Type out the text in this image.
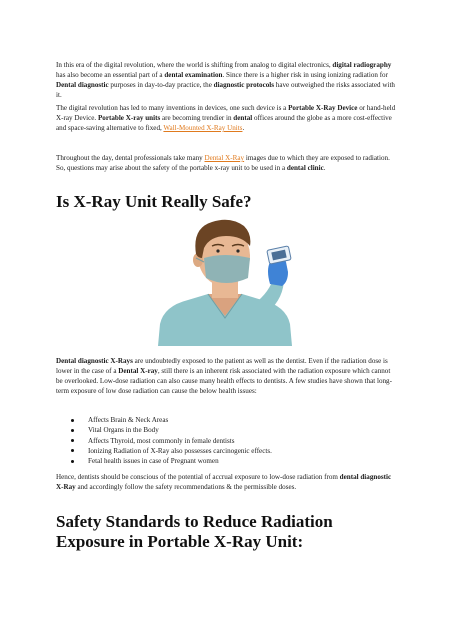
In this era of the digital revolution, where the world is shifting from analog to digital electronics, digital radiography has also become an essential part of a dental examination. Since there is a higher risk in using ionizing radiation for Dental diagnostic purposes in day-to-day practice, the diagnostic protocols have outweighed the risks associated with it.

The digital revolution has led to many inventions in devices, one such device is a Portable X-Ray Device or hand-held X-ray Device. Portable X-ray units are becoming trendier in dental offices around the globe as a more cost-effective and space-saving alternative to fixed, Wall-Mounted X-Ray Units.

Throughout the day, dental professionals take many Dental X-Ray images due to which they are exposed to radiation. So, questions may arise about the safety of the portable x-ray unit to be used in a dental clinic.

Is X-Ray Unit Really Safe?

Dental diagnostic X-Rays are undoubtedly exposed to the patient as well as the dentist. Even if the radiation dose is lower in the case of a Dental X-ray, still there is an inherent risk associated with the radiation exposure which cannot be overlooked. Low-dose radiation can also cause many health effects to dentists. A few studies have shown that long-term exposure of low dose radiation can cause the below health issues:

Affects Brain & Neck Areas
Vital Organs in the Body
Affects Thyroid, most commonly in female dentists
Ionizing Radiation of X-Ray also possesses carcinogenic effects.
Fetal health issues in case of Pregnant women

Hence, dentists should be conscious of the potential of accrual exposure to low-dose radiation from dental diagnostic X-Ray and accordingly follow the safety recommendations & the permissible doses.

Safety Standards to Reduce Radiation Exposure in Portable X-Ray Unit:
